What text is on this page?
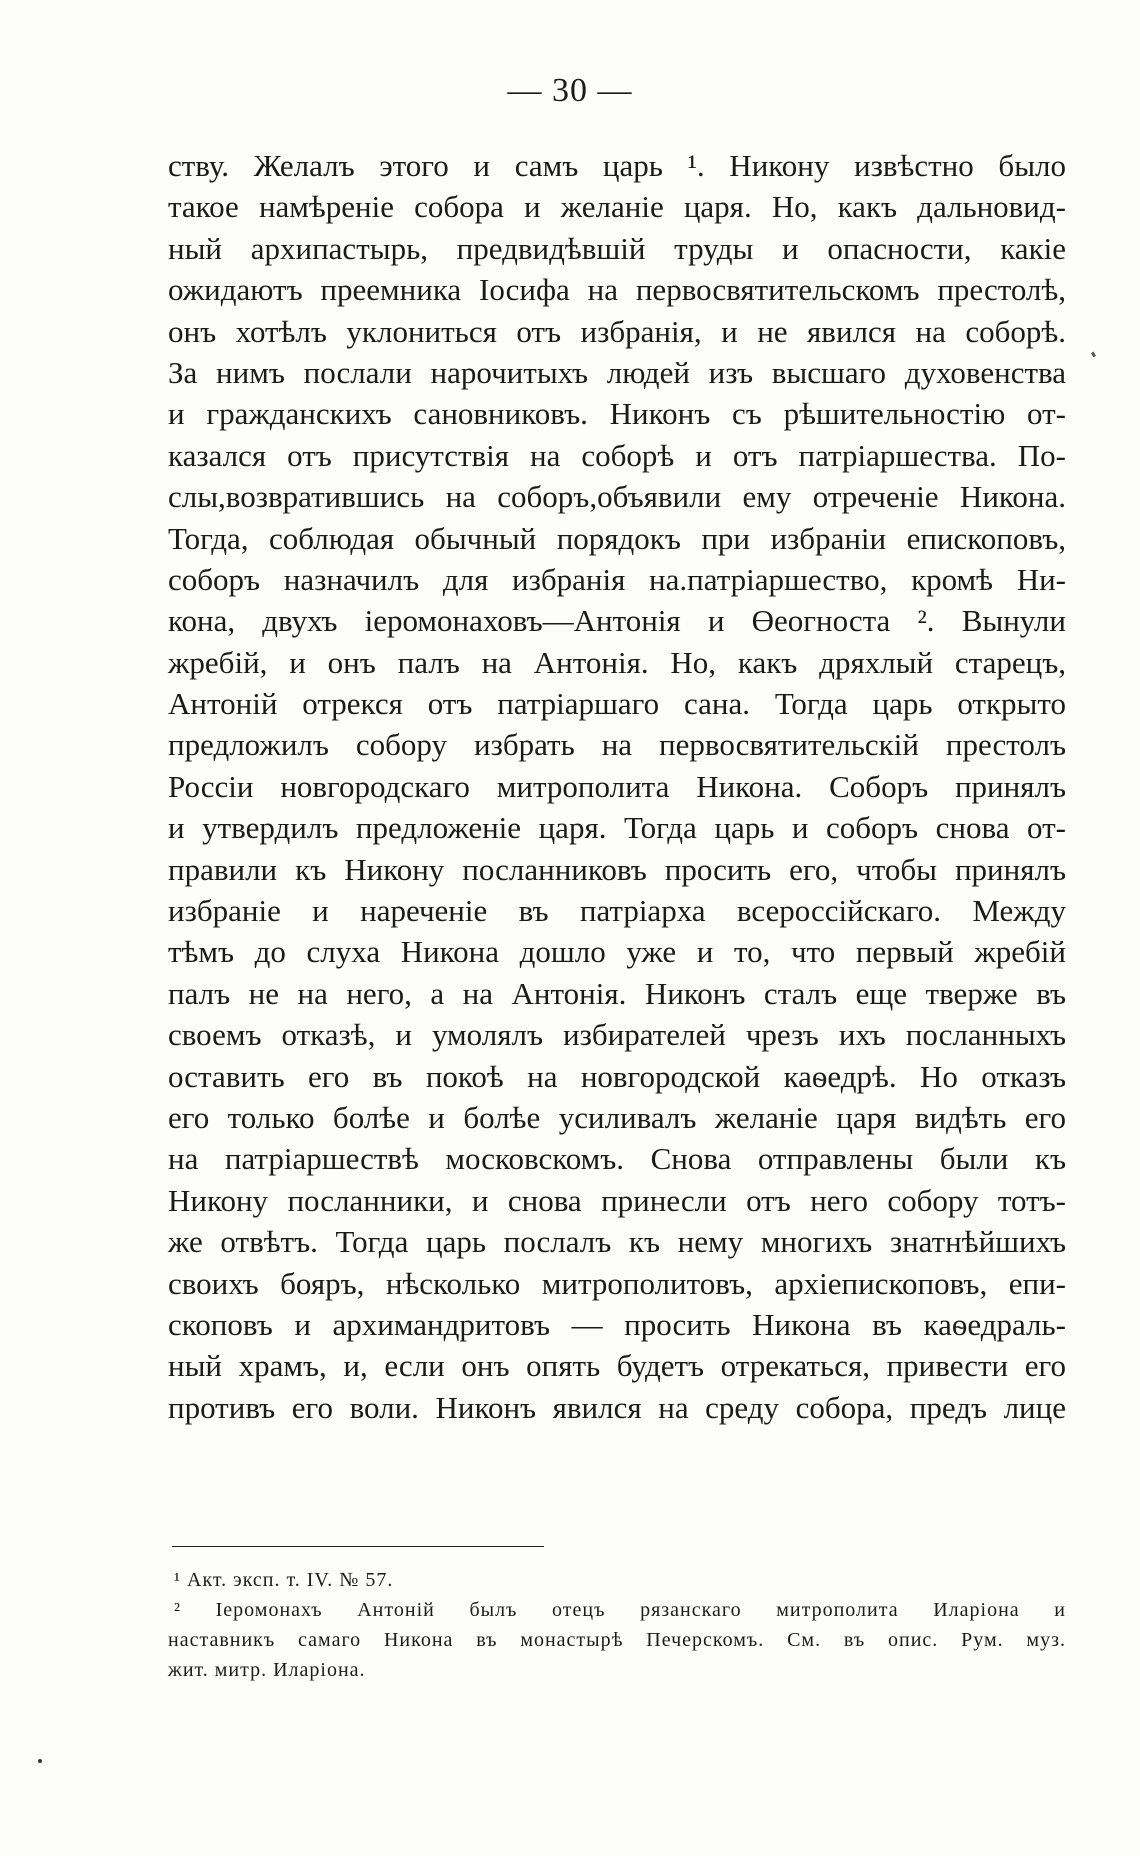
— 30 —
ству. Желалъ этого и самъ царь ¹. Никону извѣстно было
такое намѣреніе собора и желаніе царя. Но, какъ дальновид-
ный архипастырь, предвидѣвшій труды и опасности, какіе
ожидаютъ преемника Іосифа на первосвятительскомъ престолѣ,
онъ хотѣлъ уклониться отъ избранія, и не явился на соборѣ.
За нимъ послали нарочитыхъ людей изъ высшаго духовенства
и гражданскихъ сановниковъ. Никонъ съ рѣшительностію от-
казался отъ присутствія на соборѣ и отъ патріаршества. По-
слы,возвратившись на соборъ,объявили ему отреченіе Никона.
Тогда, соблюдая обычный порядокъ при избраніи епископовъ,
соборъ назначилъ для избранія на.патріаршество, кромѣ Ни-
кона, двухъ іеромонаховъ—Антонія и Өеогноста ². Вынули
жребій, и онъ палъ на Антонія. Но, какъ дряхлый старецъ,
Антоній отрекся отъ патріаршаго сана. Тогда царь открыто
предложилъ собору избрать на первосвятительскій престолъ
Россіи новгородскаго митрополита Никона. Соборъ принялъ
и утвердилъ предложеніе царя. Тогда царь и соборъ снова от-
правили къ Никону посланниковъ просить его, чтобы принялъ
избраніе и нареченіе въ патріарха всероссійскаго. Между
тѣмъ до слуха Никона дошло уже и то, что первый жребій
палъ не на него, а на Антонія. Никонъ сталъ еще тверже въ
своемъ отказѣ, и умолялъ избирателей чрезъ ихъ посланныхъ
оставить его въ покоѣ на новгородской каѳедрѣ. Но отказъ
его только болѣе и болѣе усиливалъ желаніе царя видѣть его
на патріаршествѣ московскомъ. Снова отправлены были къ
Никону посланники, и снова принесли отъ него собору тотъ-
же отвѣтъ. Тогда царь послалъ къ нему многихъ знатнѣйшихъ
своихъ бояръ, нѣсколько митрополитовъ, архіепископовъ, епи-
скоповъ и архимандритовъ — просить Никона въ каѳедраль-
ный храмъ, и, если онъ опять будетъ отрекаться, привести его
противъ его воли. Никонъ явился на среду собора, предъ лице
¹ Акт. эксп. т. IV. № 57.
² Іеромонахъ Антоній былъ отецъ рязанскаго митрополита Иларіона и
наставникъ самаго Никона въ монастырѣ Печерскомъ. См. въ опис. Рум. муз.
жит. митр. Иларіона.
